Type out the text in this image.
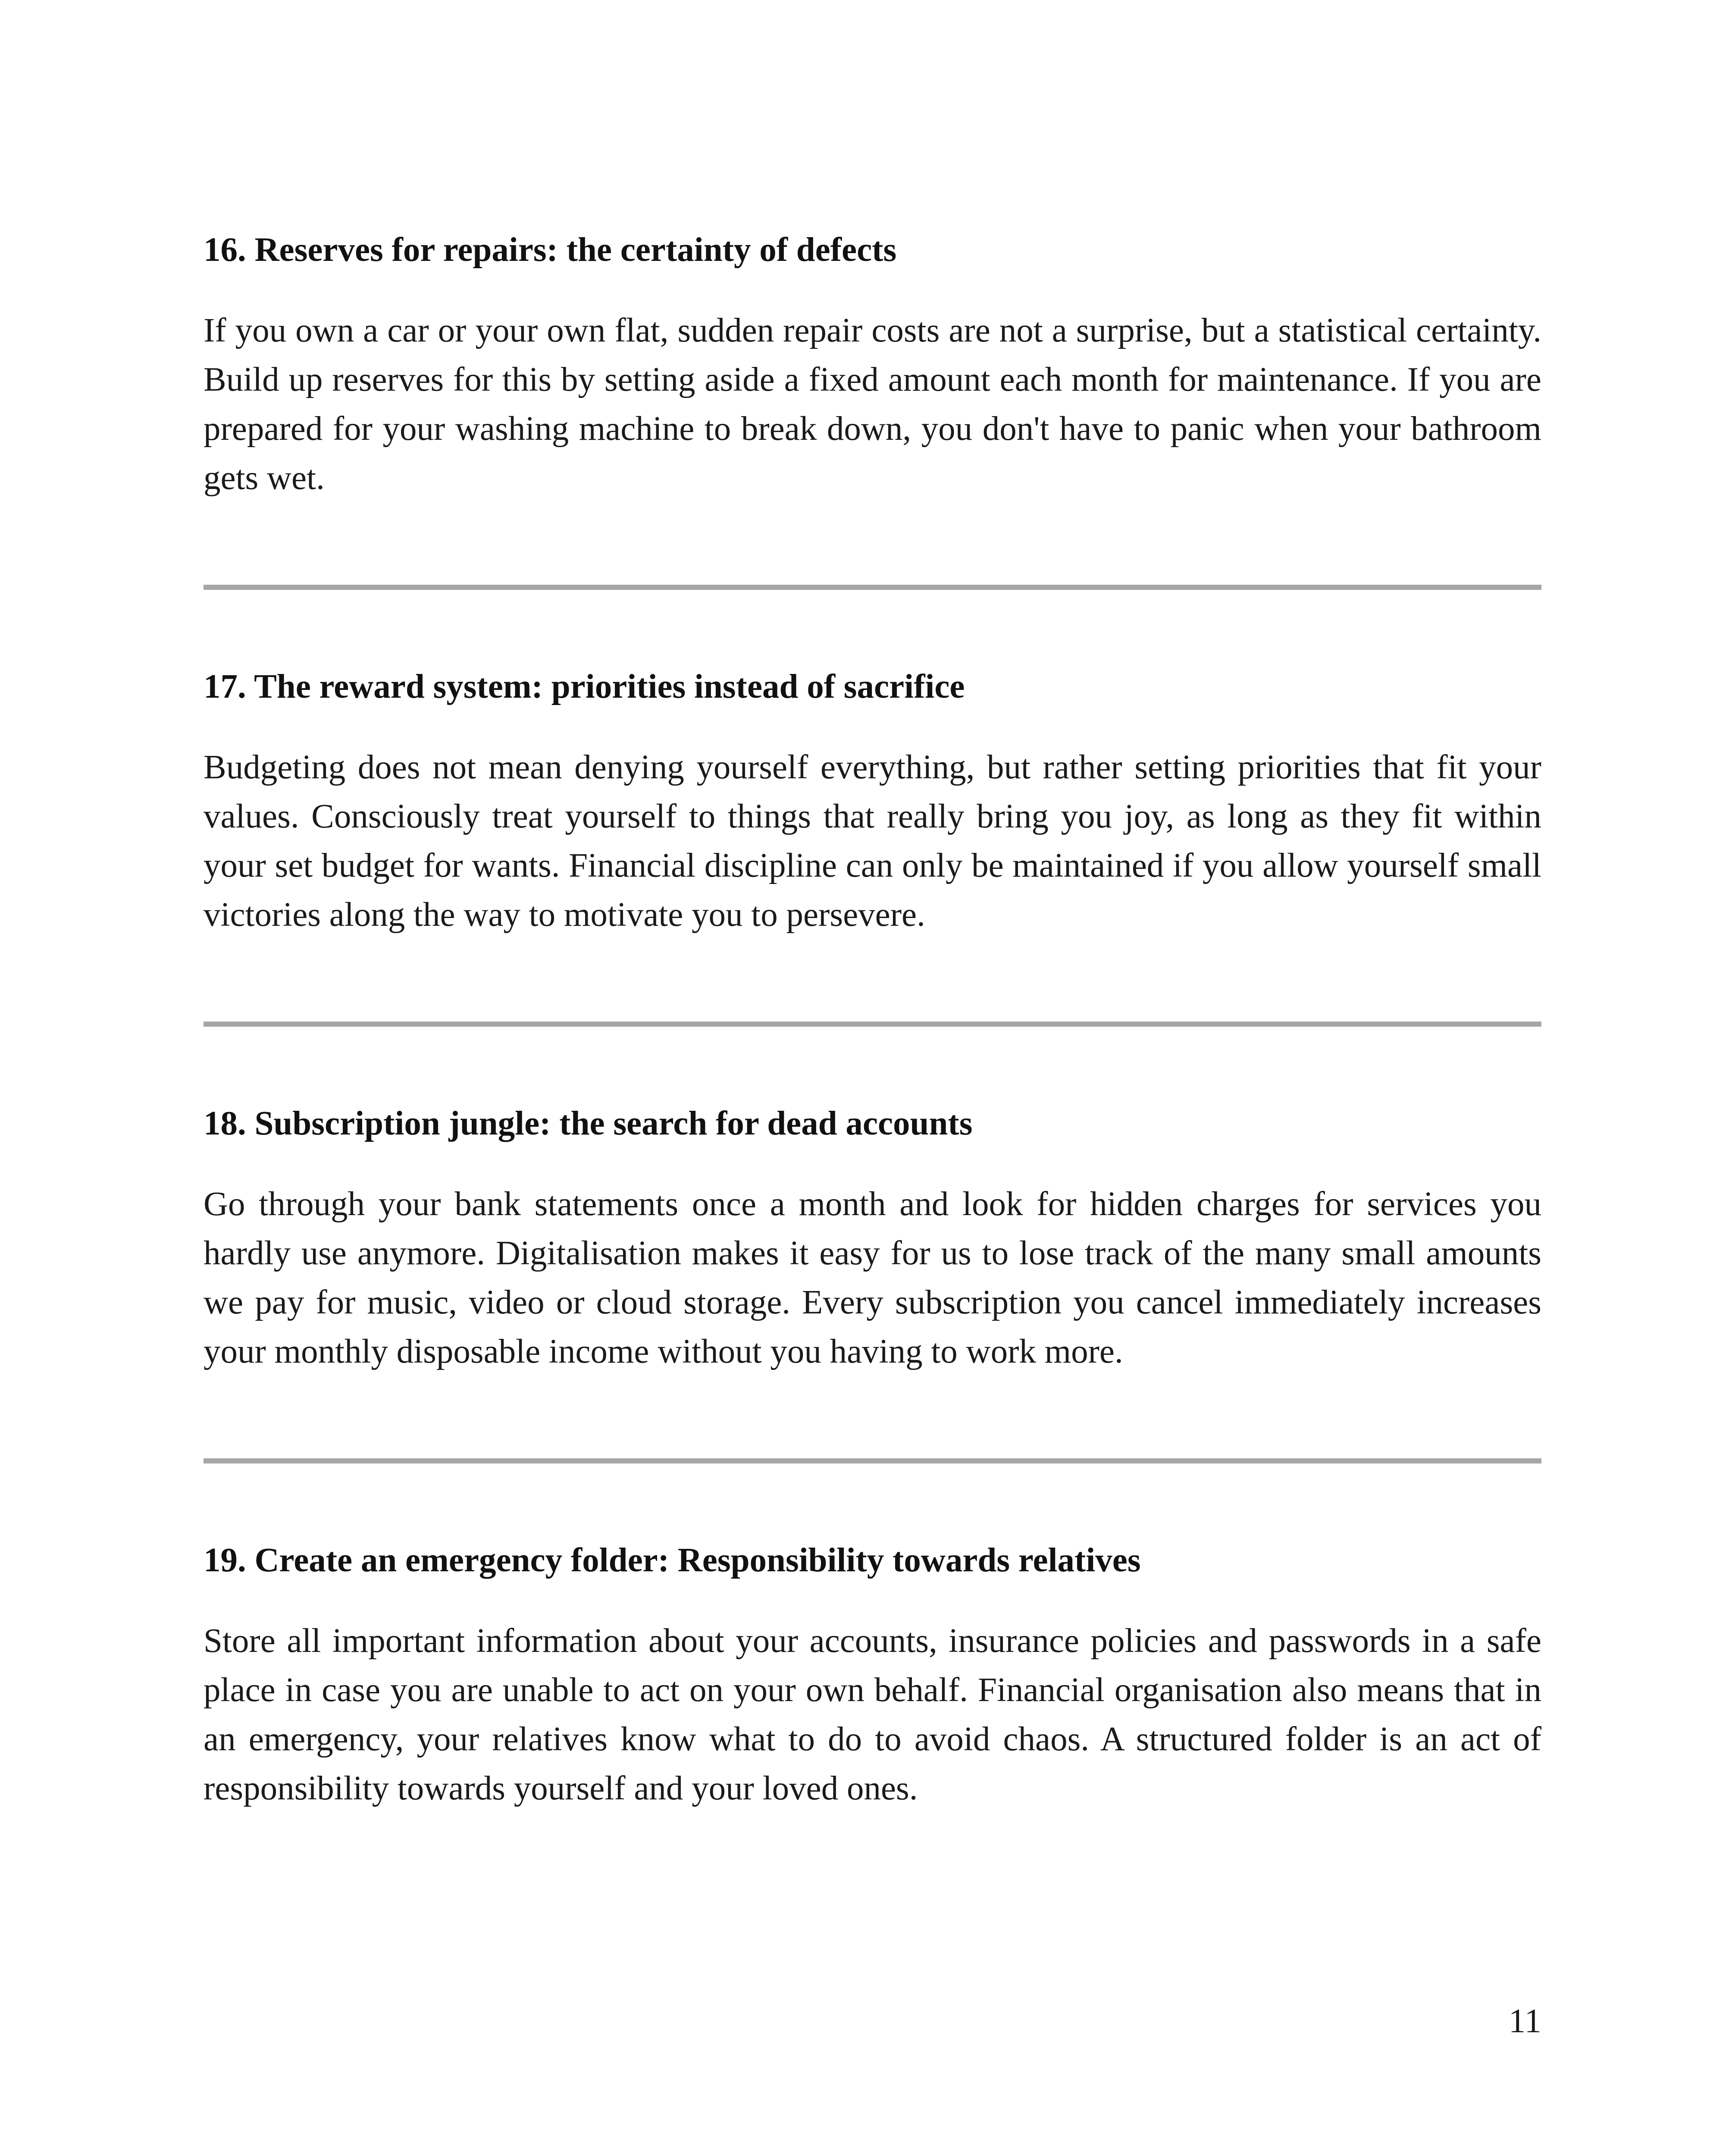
16. Reserves for repairs: the certainty of defects

If you own a car or your own flat, sudden repair costs are not a surprise, but a statistical certainty. Build up reserves for this by setting aside a fixed amount each month for maintenance. If you are prepared for your washing machine to break down, you don't have to panic when your bathroom gets wet.

17. The reward system: priorities instead of sacrifice

Budgeting does not mean denying yourself everything, but rather setting priorities that fit your values. Consciously treat yourself to things that really bring you joy, as long as they fit within your set budget for wants. Financial discipline can only be maintained if you allow yourself small victories along the way to motivate you to persevere.

18. Subscription jungle: the search for dead accounts

Go through your bank statements once a month and look for hidden charges for services you hardly use anymore. Digitalisation makes it easy for us to lose track of the many small amounts we pay for music, video or cloud storage. Every subscription you cancel immediately increases your monthly disposable income without you having to work more.

19. Create an emergency folder: Responsibility towards relatives

Store all important information about your accounts, insurance policies and passwords in a safe place in case you are unable to act on your own behalf. Financial organisation also means that in an emergency, your relatives know what to do to avoid chaos. A structured folder is an act of responsibility towards yourself and your loved ones.

11
